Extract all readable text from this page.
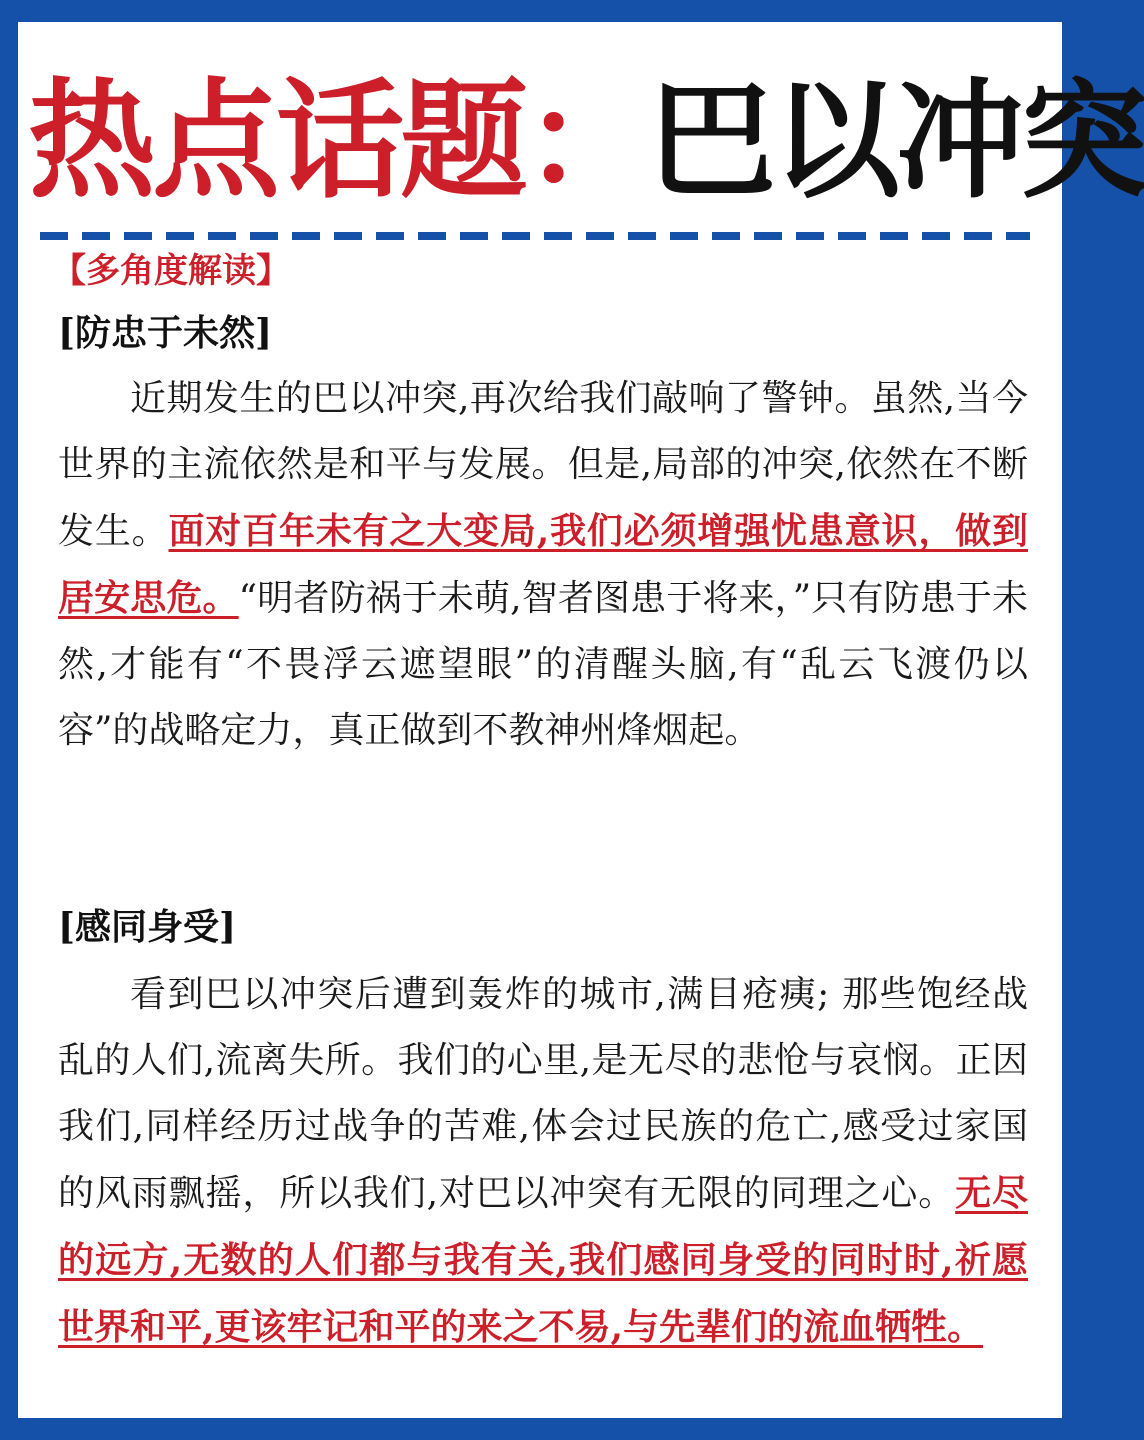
热点话题：巴以冲突
【多角度解读】
[防忠于未然]

近期发生的巴以冲突,再次给我们敲响了警钟。虽然,当今世界的主流依然是和平与发展。但是,局部的冲突,依然在不断发生。面对百年未有之大变局,我们必须增强忧患意识，做到居安思危。“明者防祸于未萌,智者图患于将来，”只有防患于未然,才能有“不畏浮云遮望眼”的清醒头脑,有“乱云飞渡仍以容”的战略定力，真正做到不教神州烽烟起。

[感同身受]

看到巴以冲突后遭到轰炸的城市,满目疮痍; 那些饱经战乱的人们,流离失所。我们的心里,是无尽的悲怆与哀悯。正因我们,同样经历过战争的苦难,体会过民族的危亡,感受过家国的风雨飘摇，所以我们,对巴以冲突有无限的同理之心。无尽的远方,无数的人们都与我有关,我们感同身受的同时时,祈愿世界和平,更该牢记和平的来之不易,与先辈们的流血牺牲。
